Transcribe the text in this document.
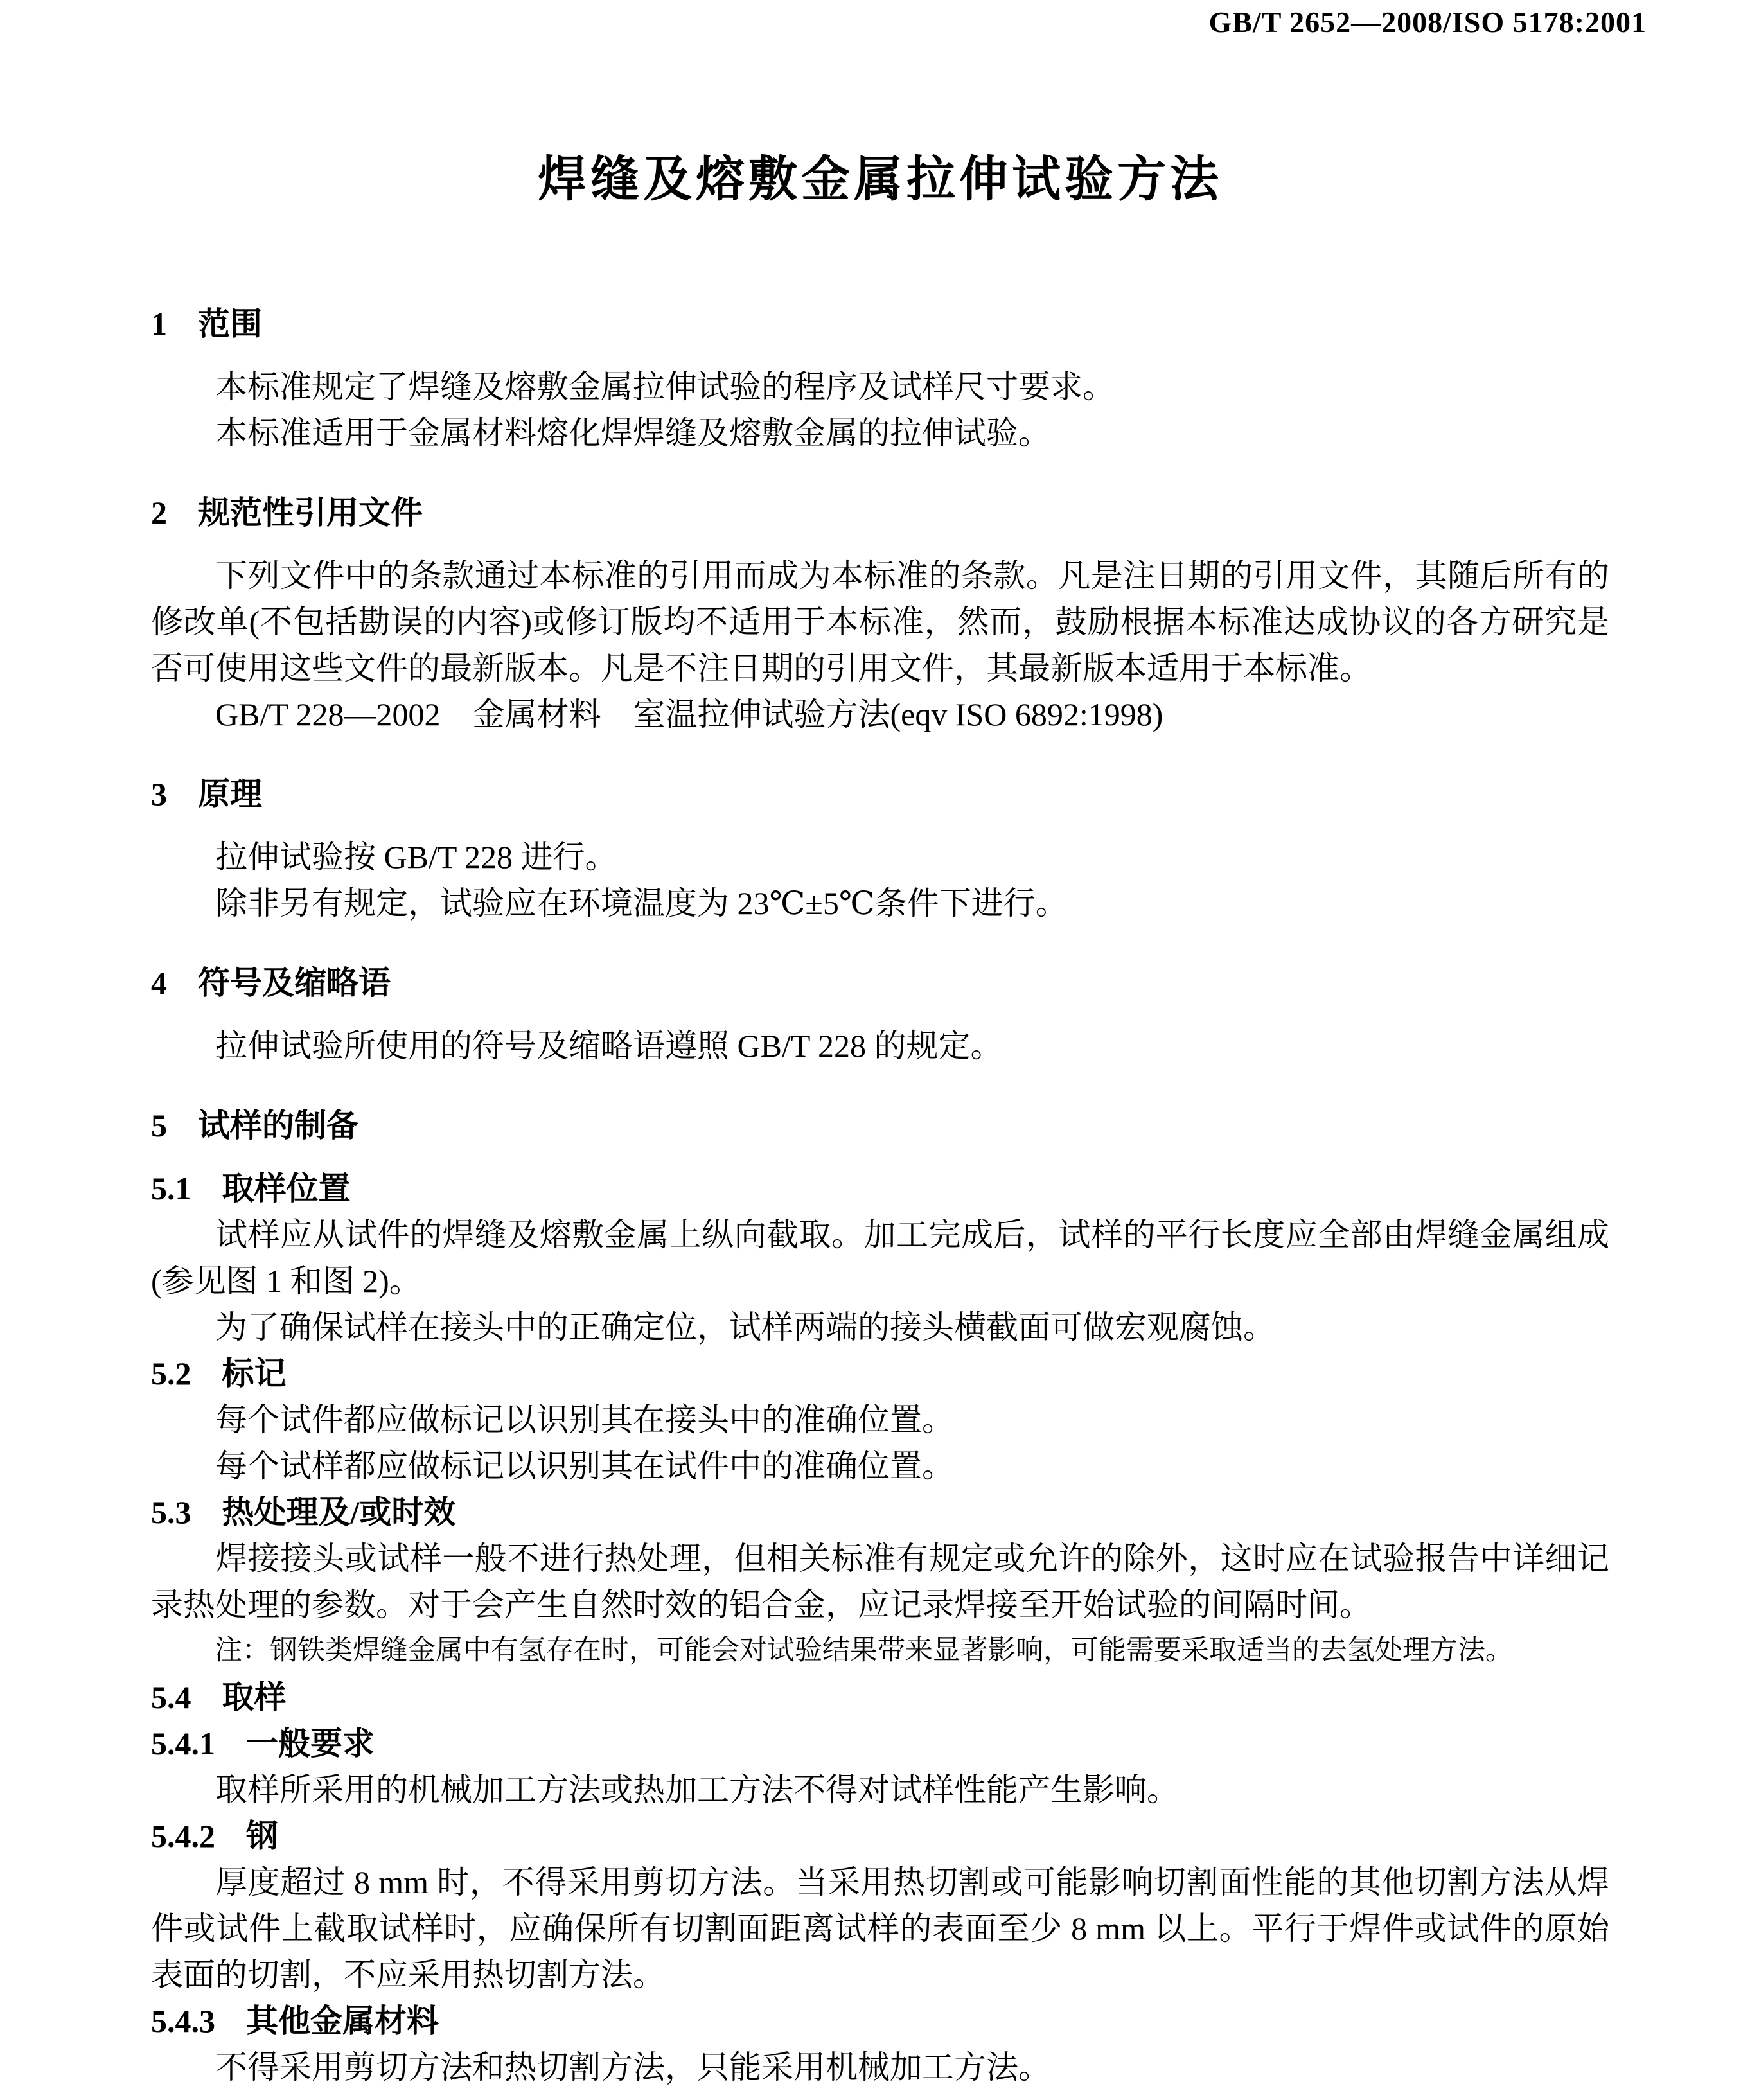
GB/T 2652—2008/ISO 5178:2001
焊缝及熔敷金属拉伸试验方法
1 范围

本标准规定了焊缝及熔敷金属拉伸试验的程序及试样尺寸要求。

本标准适用于金属材料熔化焊焊缝及熔敷金属的拉伸试验。

2 规范性引用文件

下列文件中的条款通过本标准的引用而成为本标准的条款。凡是注日期的引用文件，其随后所有的修改单(不包括勘误的内容)或修订版均不适用于本标准，然而，鼓励根据本标准达成协议的各方研究是否可使用这些文件的最新版本。凡是不注日期的引用文件，其最新版本适用于本标准。

GB/T 228—2002　金属材料　室温拉伸试验方法(eqv ISO 6892:1998)

3 原理

拉伸试验按 GB/T 228 进行。

除非另有规定，试验应在环境温度为 23℃±5℃条件下进行。

4 符号及缩略语

拉伸试验所使用的符号及缩略语遵照 GB/T 228 的规定。

5 试样的制备
5.1 取样位置

试样应从试件的焊缝及熔敷金属上纵向截取。加工完成后，试样的平行长度应全部由焊缝金属组成(参见图 1 和图 2)。

为了确保试样在接头中的正确定位，试样两端的接头横截面可做宏观腐蚀。

5.2 标记

每个试件都应做标记以识别其在接头中的准确位置。

每个试样都应做标记以识别其在试件中的准确位置。

5.3 热处理及/或时效

焊接接头或试样一般不进行热处理，但相关标准有规定或允许的除外，这时应在试验报告中详细记录热处理的参数。对于会产生自然时效的铝合金，应记录焊接至开始试验的间隔时间。

注：钢铁类焊缝金属中有氢存在时，可能会对试验结果带来显著影响，可能需要采取适当的去氢处理方法。

5.4 取样
5.4.1 一般要求

取样所采用的机械加工方法或热加工方法不得对试样性能产生影响。

5.4.2 钢

厚度超过 8 mm 时，不得采用剪切方法。当采用热切割或可能影响切割面性能的其他切割方法从焊件或试件上截取试样时，应确保所有切割面距离试样的表面至少 8 mm 以上。平行于焊件或试件的原始表面的切割，不应采用热切割方法。

5.4.3 其他金属材料

不得采用剪切方法和热切割方法，只能采用机械加工方法。
